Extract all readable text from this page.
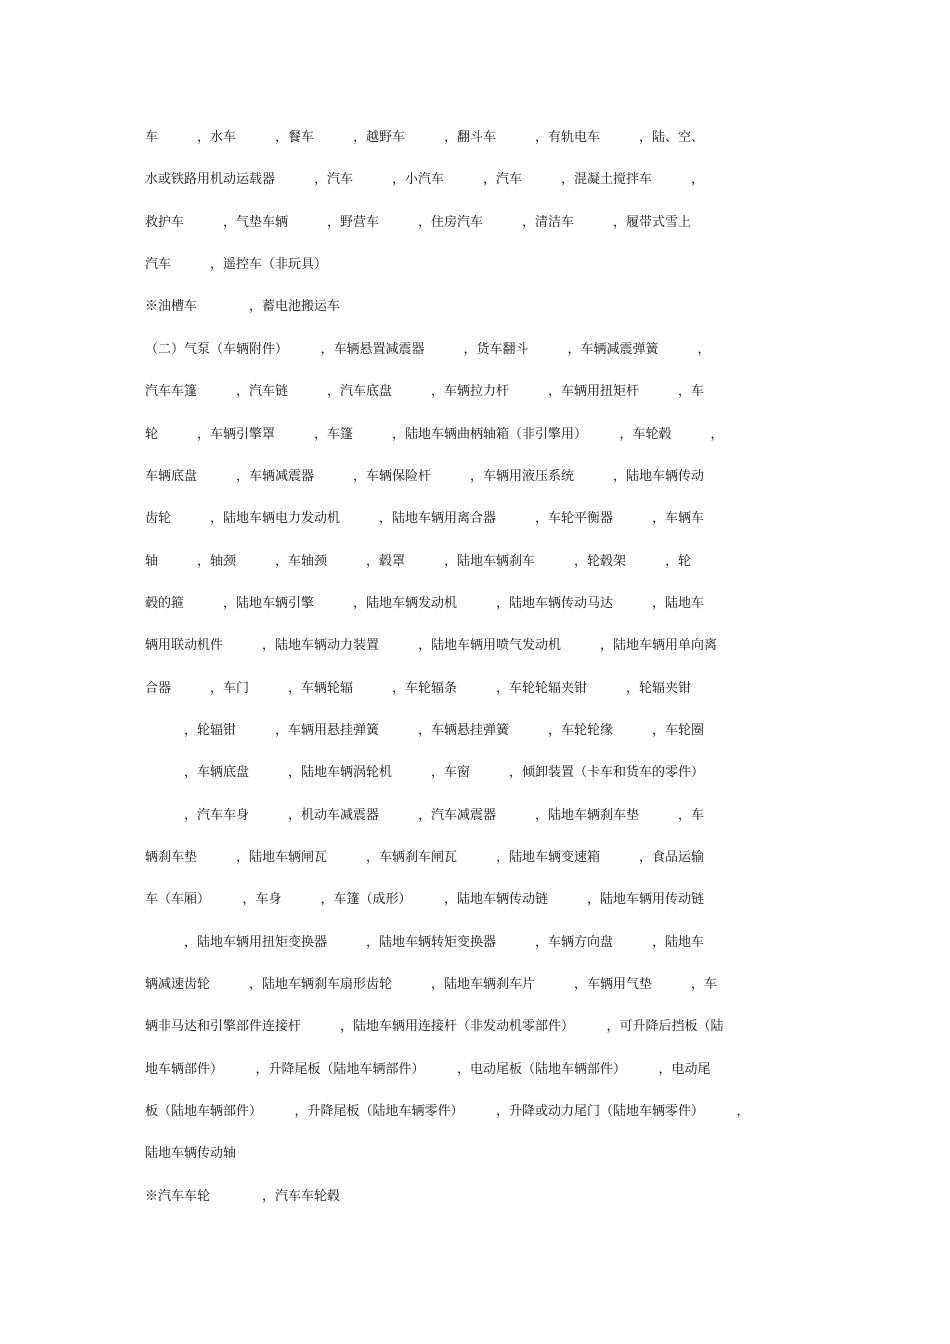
车　　　，水车　　　，餐车　　　，越野车　　　，翻斗车　　　，有轨电车　　　，陆、空、
水或铁路用机动运载器　　　，汽车　　　，小汽车　　　，汽车　　　，混凝土搅拌车　　　，
救护车　　　，气垫车辆　　　，野营车　　　，住房汽车　　　，清洁车　　　，履带式雪上
汽车　　　，遥控车（非玩具）
※油槽车　　　　，蓄电池搬运车
（二）气泵（车辆附件）　　　，车辆悬置减震器　　　，货车翻斗　　　，车辆减震弹簧　　　，
汽车车篷　　　，汽车链　　　，汽车底盘　　　，车辆拉力杆　　　，车辆用扭矩杆　　　，车
轮　　　，车辆引擎罩　　　，车篷　　　，陆地车辆曲柄轴箱（非引擎用）　　　，车轮毂　　　，
车辆底盘　　　，车辆减震器　　　，车辆保险杆　　　，车辆用液压系统　　　，陆地车辆传动
齿轮　　　，陆地车辆电力发动机　　　，陆地车辆用离合器　　　，车轮平衡器　　　，车辆车
轴　　　，轴颈　　　，车轴颈　　　，毂罩　　　，陆地车辆刹车　　　，轮毂架　　　，轮
毂的箍　　　，陆地车辆引擎　　　，陆地车辆发动机　　　，陆地车辆传动马达　　　，陆地车
辆用联动机件　　　，陆地车辆动力装置　　　，陆地车辆用喷气发动机　　　，陆地车辆用单向离
合器　　　，车门　　　，车辆轮辐　　　，车轮辐条　　　，车轮轮辐夹钳　　　，轮辐夹钳
　　　，轮辐钳　　　，车辆用悬挂弹簧　　　，车辆悬挂弹簧　　　，车轮轮缘　　　，车轮圈
　　　，车辆底盘　　　，陆地车辆涡轮机　　　，车窗　　　，倾卸装置（卡车和货车的零件）
　　　，汽车车身　　　，机动车减震器　　　，汽车减震器　　　，陆地车辆刹车垫　　　，车
辆刹车垫　　　，陆地车辆闸瓦　　　，车辆刹车闸瓦　　　，陆地车辆变速箱　　　，食品运输
车（车厢）　　　，车身　　　，车篷（成形）　　　，陆地车辆传动链　　　，陆地车辆用传动链
　　　，陆地车辆用扭矩变换器　　　，陆地车辆转矩变换器　　　，车辆方向盘　　　，陆地车
辆减速齿轮　　　，陆地车辆刹车扇形齿轮　　　，陆地车辆刹车片　　　，车辆用气垫　　　，车
辆非马达和引擎部件连接杆　　　，陆地车辆用连接杆（非发动机零部件）　　　，可升降后挡板（陆
地车辆部件）　　　，升降尾板（陆地车辆部件）　　　，电动尾板（陆地车辆部件）　　　，电动尾
板（陆地车辆部件）　　　，升降尾板（陆地车辆零件）　　　，升降或动力尾门（陆地车辆零件）　　　，
陆地车辆传动轴
※汽车车轮　　　　，汽车车轮毂
